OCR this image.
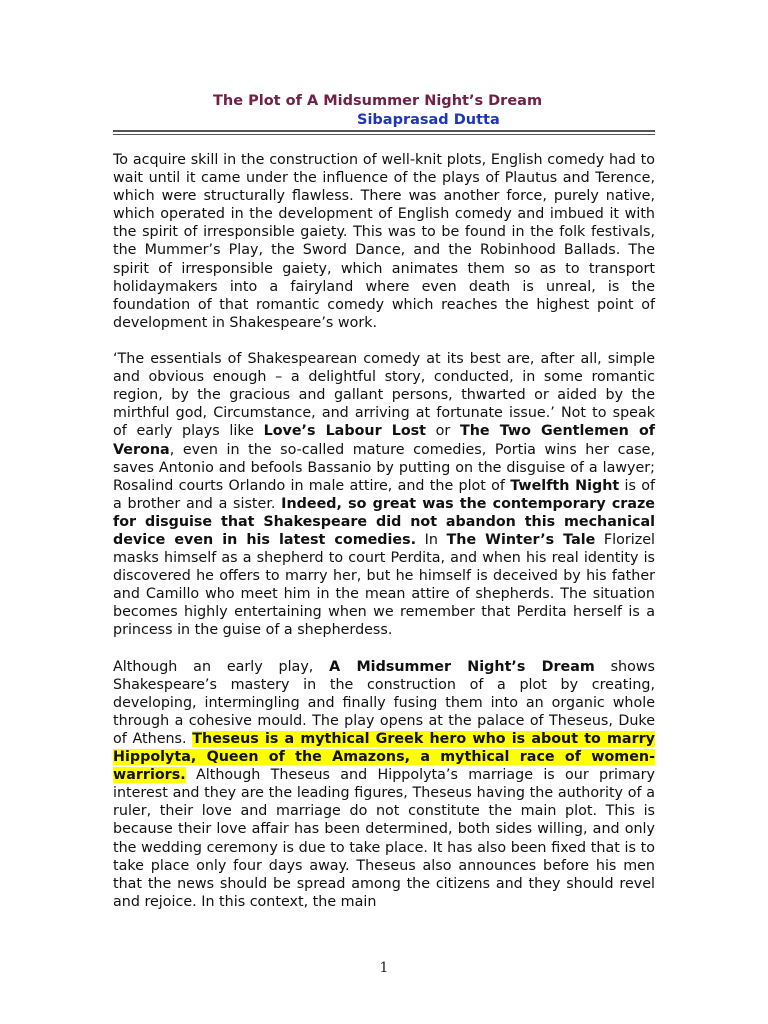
The Plot of A Midsummer Night’s Dream
Sibaprasad Dutta

To acquire skill in the construction of well-knit plots, English comedy had to wait until it came under the influence of the plays of Plautus and Terence, which were structurally flawless. There was another force, purely native, which operated in the development of English comedy and imbued it with the spirit of irresponsible gaiety. This was to be found in the folk festivals, the Mummer’s Play, the Sword Dance, and the Robinhood Ballads. The spirit of irresponsible gaiety, which animates them so as to transport holidaymakers into a fairyland where even death is unreal, is the foundation of that romantic comedy which reaches the highest point of development in Shakespeare’s work.

‘The essentials of Shakespearean comedy at its best are, after all, simple and obvious enough – a delightful story, conducted, in some romantic region, by the gracious and gallant persons, thwarted or aided by the mirthful god, Circumstance, and arriving at fortunate issue.’ Not to speak of early plays like Love’s Labour Lost or The Two Gentlemen of Verona, even in the so-called mature comedies, Portia wins her case, saves Antonio and befools Bassanio by putting on the disguise of a lawyer; Rosalind courts Orlando in male attire, and the plot of Twelfth Night is of a brother and a sister. Indeed, so great was the contemporary craze for disguise that Shakespeare did not abandon this mechanical device even in his latest comedies. In The Winter’s Tale Florizel masks himself as a shepherd to court Perdita, and when his real identity is discovered he offers to marry her, but he himself is deceived by his father and Camillo who meet him in the mean attire of shepherds. The situation becomes highly entertaining when we remember that Perdita herself is a princess in the guise of a shepherdess.

Although an early play, A Midsummer Night’s Dream shows Shakespeare’s mastery in the construction of a plot by creating, developing, intermingling and finally fusing them into an organic whole through a cohesive mould. The play opens at the palace of Theseus, Duke of Athens. Theseus is a mythical Greek hero who is about to marry Hippolyta, Queen of the Amazons, a mythical race of women-warriors. Although Theseus and Hippolyta’s marriage is our primary interest and they are the leading figures, Theseus having the authority of a ruler, their love and marriage do not constitute the main plot. This is because their love affair has been determined, both sides willing, and only the wedding ceremony is due to take place. It has also been fixed that is to take place only four days away. Theseus also announces before his men that the news should be spread among the citizens and they should revel and rejoice. In this context, the main

1
